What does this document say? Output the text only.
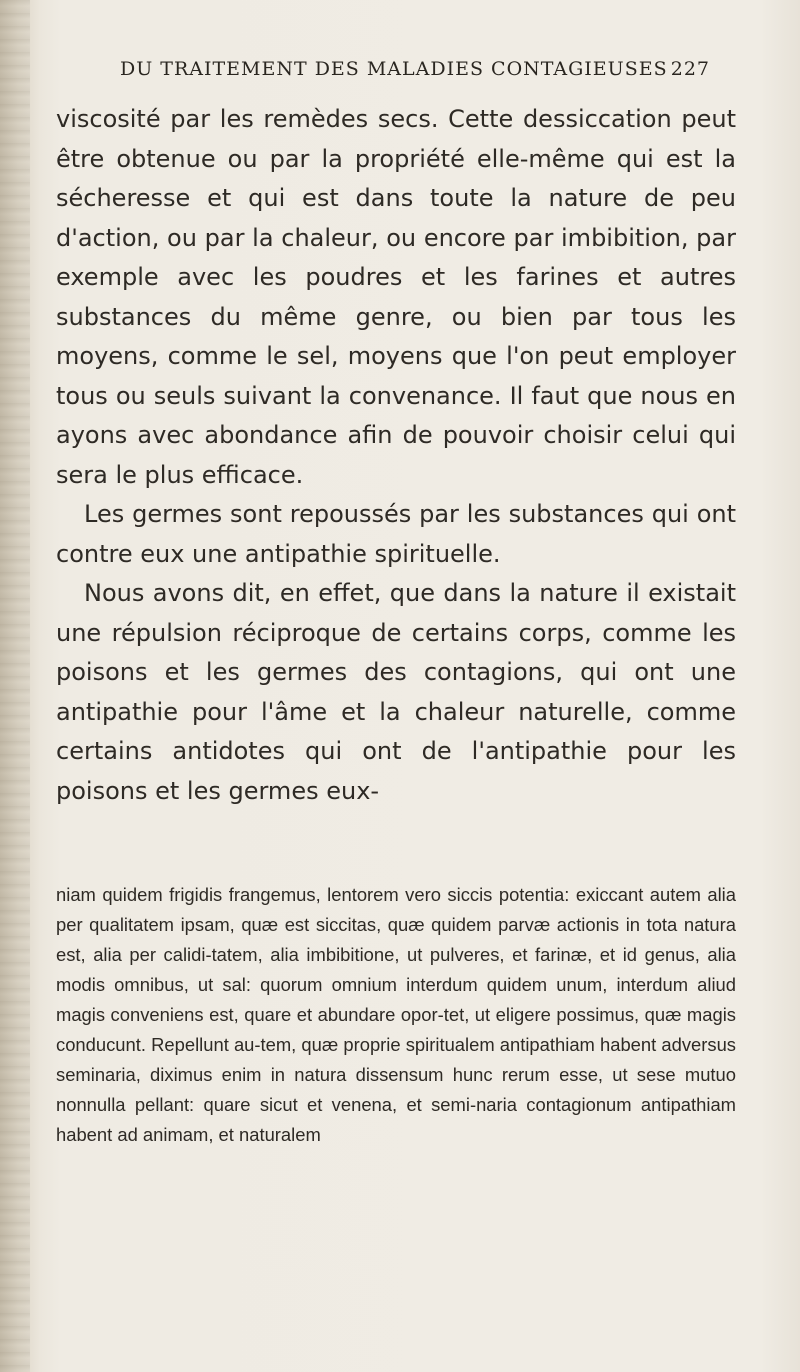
DU TRAITEMENT DES MALADIES CONTAGIEUSES 227

viscosité par les remèdes secs. Cette dessiccation peut être obtenue ou par la propriété elle-même qui est la sécheresse et qui est dans toute la nature de peu d'action, ou par la chaleur, ou encore par imbibition, par exemple avec les poudres et les farines et autres substances du même genre, ou bien par tous les moyens, comme le sel, moyens que l'on peut employer tous ou seuls suivant la convenance. Il faut que nous en ayons avec abondance afin de pouvoir choisir celui qui sera le plus efficace.

Les germes sont repoussés par les substances qui ont contre eux une antipathie spirituelle.

Nous avons dit, en effet, que dans la nature il existait une répulsion réciproque de certains corps, comme les poisons et les germes des contagions, qui ont une antipathie pour l'âme et la chaleur naturelle, comme certains antidotes qui ont de l'antipathie pour les poisons et les germes eux-

niam quidem frigidis frangemus, lentorem vero siccis potentia: exiccant autem alia per qualitatem ipsam, quæ est siccitas, quæ quidem parvæ actionis in tota natura est, alia per calidi-tatem, alia imbibitione, ut pulveres, et farinæ, et id genus, alia modis omnibus, ut sal: quorum omnium interdum quidem unum, interdum aliud magis conveniens est, quare et abundare opor-tet, ut eligere possimus, quæ magis conducunt. Repellunt au-tem, quæ proprie spiritualem antipathiam habent adversus seminaria, diximus enim in natura dissensum hunc rerum esse, ut sese mutuo nonnulla pellant: quare sicut et venena, et semi-naria contagionum antipathiam habent ad animam, et naturalem
